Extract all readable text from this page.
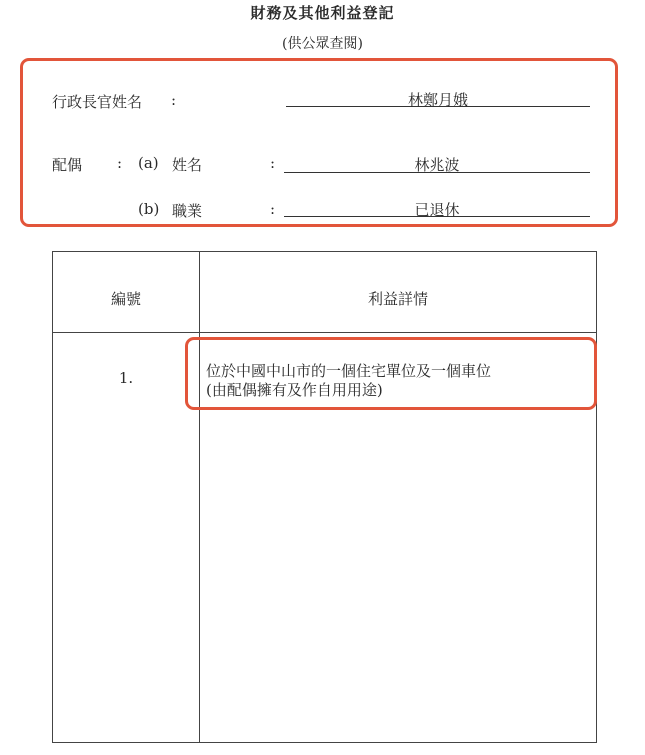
財務及其他利益登記
(供公眾查閱)
行政長官姓名 :	林鄭月娥
配偶 : (a) 姓名	:	林兆波
(b) 職業	:	已退休
編號	利益詳情
1.	位於中國中山市的一個住宅單位及一個車位
(由配偶擁有及作自用用途)
